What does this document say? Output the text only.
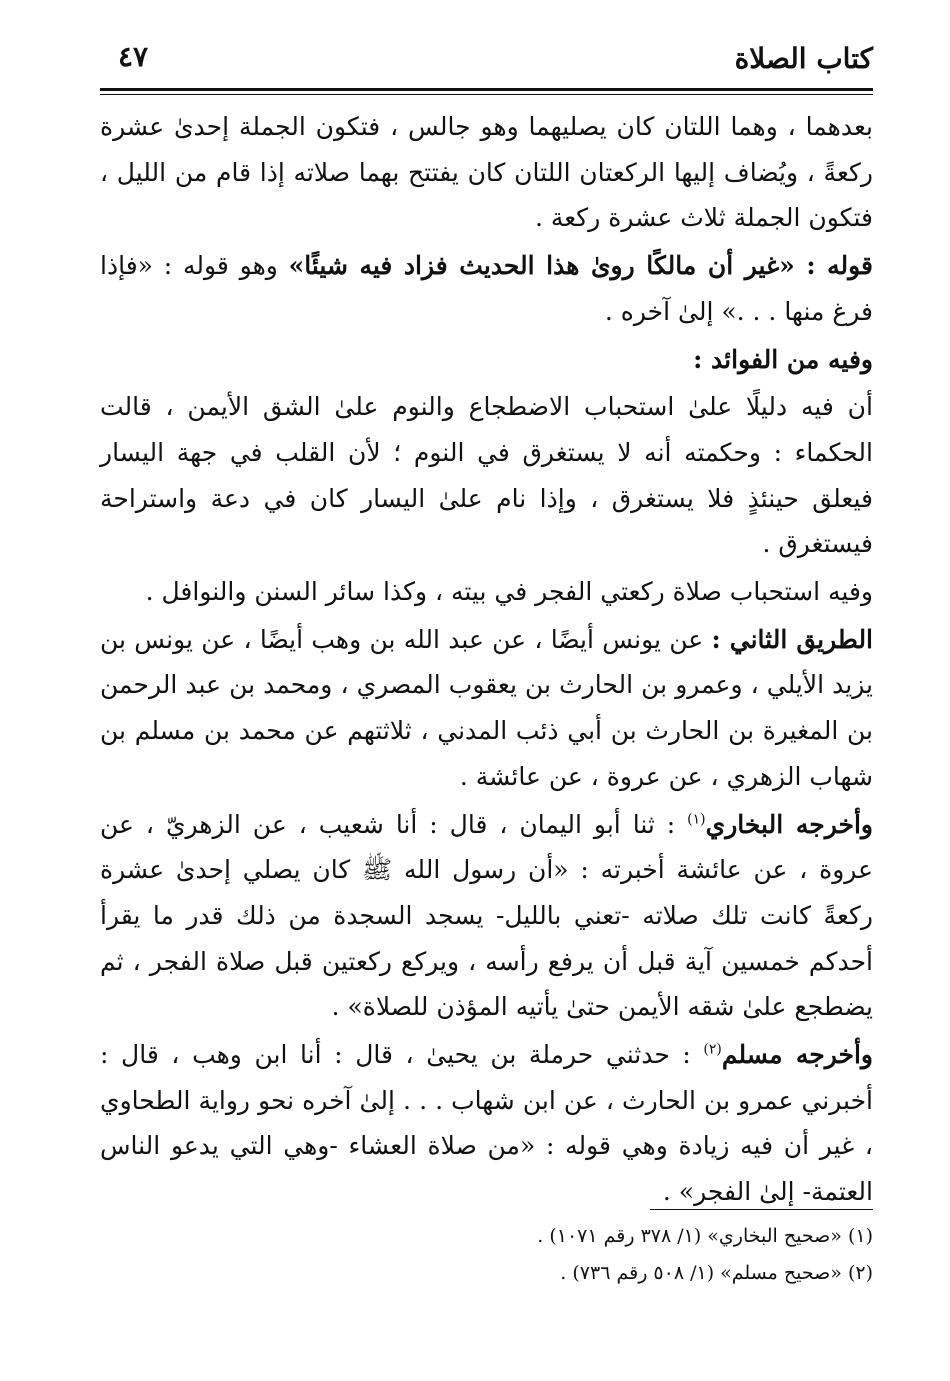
كتاب الصلاة
٤٧

بعدهما ، وهما اللتان كان يصليهما وهو جالس ، فتكون الجملة إحدىٰ عشرة ركعةً ، ويُضاف إليها الركعتان اللتان كان يفتتح بهما صلاته إذا قام من الليل ، فتكون الجملة ثلاث عشرة ركعة .

قوله : «غير أن مالكًا رویٰ هذا الحديث فزاد فيه شيئًا» وهو قوله : «فإذا فرغ منها . . .» إلىٰ آخره .

وفيه من الفوائد :

أن فيه دليلًا علىٰ استحباب الاضطجاع والنوم علىٰ الشق الأيمن ، قالت الحكماء : وحكمته أنه لا يستغرق في النوم ؛ لأن القلب في جهة اليسار فيعلق حينئذٍ فلا يستغرق ، وإذا نام علىٰ اليسار كان في دعة واستراحة فيستغرق .

وفيه استحباب صلاة ركعتي الفجر في بيته ، وكذا سائر السنن والنوافل .

الطريق الثاني : عن يونس أيضًا ، عن عبد الله بن وهب أيضًا ، عن يونس بن يزيد الأيلي ، وعمرو بن الحارث بن يعقوب المصري ، ومحمد بن عبد الرحمن بن المغيرة بن الحارث بن أبي ذئب المدني ، ثلاثتهم عن محمد بن مسلم بن شهاب الزهري ، عن عروة ، عن عائشة .

وأخرجه البخاري$^{(١)}$ : ثنا أبو اليمان ، قال : أنا شعيب ، عن الزهريّ ، عن عروة ، عن عائشة أخبرته : «أن رسول الله ﷺ كان يصلي إحدىٰ عشرة ركعةً كانت تلك صلاته -تعني بالليل- يسجد السجدة من ذلك قدر ما يقرأ أحدكم خمسين آية قبل أن يرفع رأسه ، ويركع ركعتين قبل صلاة الفجر ، ثم يضطجع علىٰ شقه الأيمن حتىٰ يأتيه المؤذن للصلاة» .

وأخرجه مسلم$^{(٢)}$ : حدثني حرملة بن يحيىٰ ، قال : أنا ابن وهب ، قال : أخبرني عمرو بن الحارث ، عن ابن شهاب . . . إلىٰ آخره نحو رواية الطحاوي ، غير أن فيه زيادة وهي قوله : «من صلاة العشاء -وهي التي يدعو الناس العتمة- إلىٰ الفجر» .

(١) «صحيح البخاري» (١/ ٣٧٨ رقم ١٠٧١) .

(٢) «صحيح مسلم» (١/ ٥٠٨ رقم ٧٣٦) .
